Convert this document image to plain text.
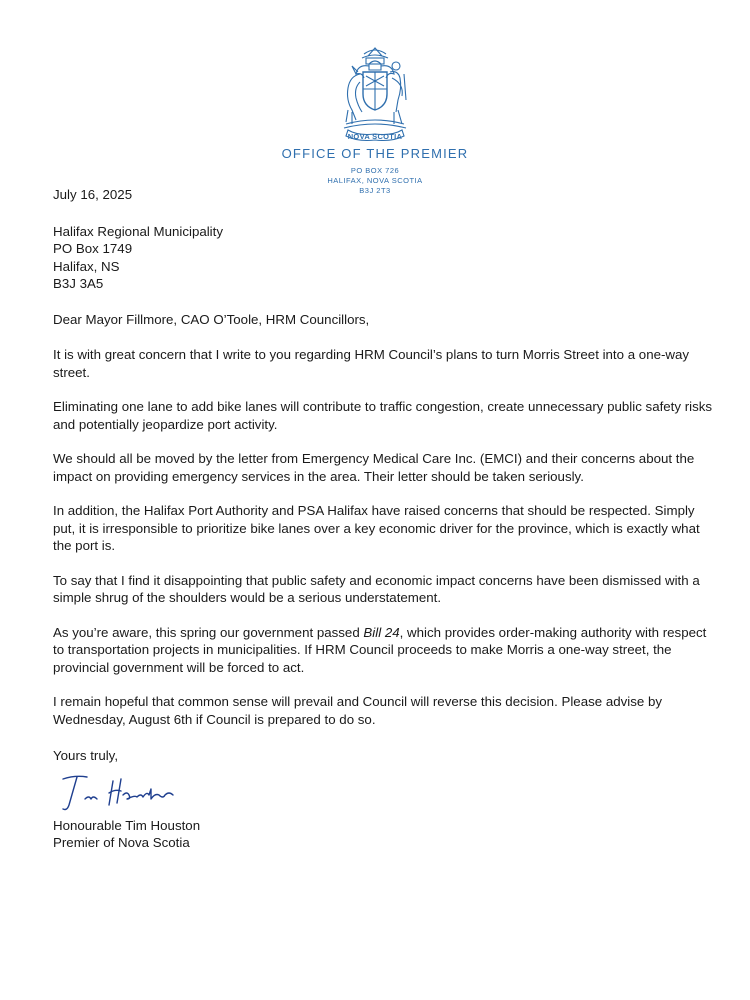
NOVA SCOTIA
OFFICE OF THE PREMIER
PO BOX 726
HALIFAX, NOVA SCOTIA
B3J 2T3

July 16, 2025

Halifax Regional Municipality

PO Box 1749

Halifax, NS

B3J 3A5

Dear Mayor Fillmore, CAO O’Toole, HRM Councillors,

It is with great concern that I write to you regarding HRM Council’s plans to turn Morris Street into a one-way street.

Eliminating one lane to add bike lanes will contribute to traffic congestion, create unnecessary public safety risks and potentially jeopardize port activity.

We should all be moved by the letter from Emergency Medical Care Inc. (EMCI) and their concerns about the impact on providing emergency services in the area. Their letter should be taken seriously.

In addition, the Halifax Port Authority and PSA Halifax have raised concerns that should be respected. Simply put, it is irresponsible to prioritize bike lanes over a key economic driver for the province, which is exactly what the port is.

To say that I find it disappointing that public safety and economic impact concerns have been dismissed with a simple shrug of the shoulders would be a serious understatement.

As you’re aware, this spring our government passed Bill 24, which provides order-making authority with respect to transportation projects in municipalities. If HRM Council proceeds to make Morris a one-way street, the provincial government will be forced to act.

I remain hopeful that common sense will prevail and Council will reverse this decision. Please advise by Wednesday, August 6th if Council is prepared to do so.

Yours truly,

Honourable Tim Houston

Premier of Nova Scotia
